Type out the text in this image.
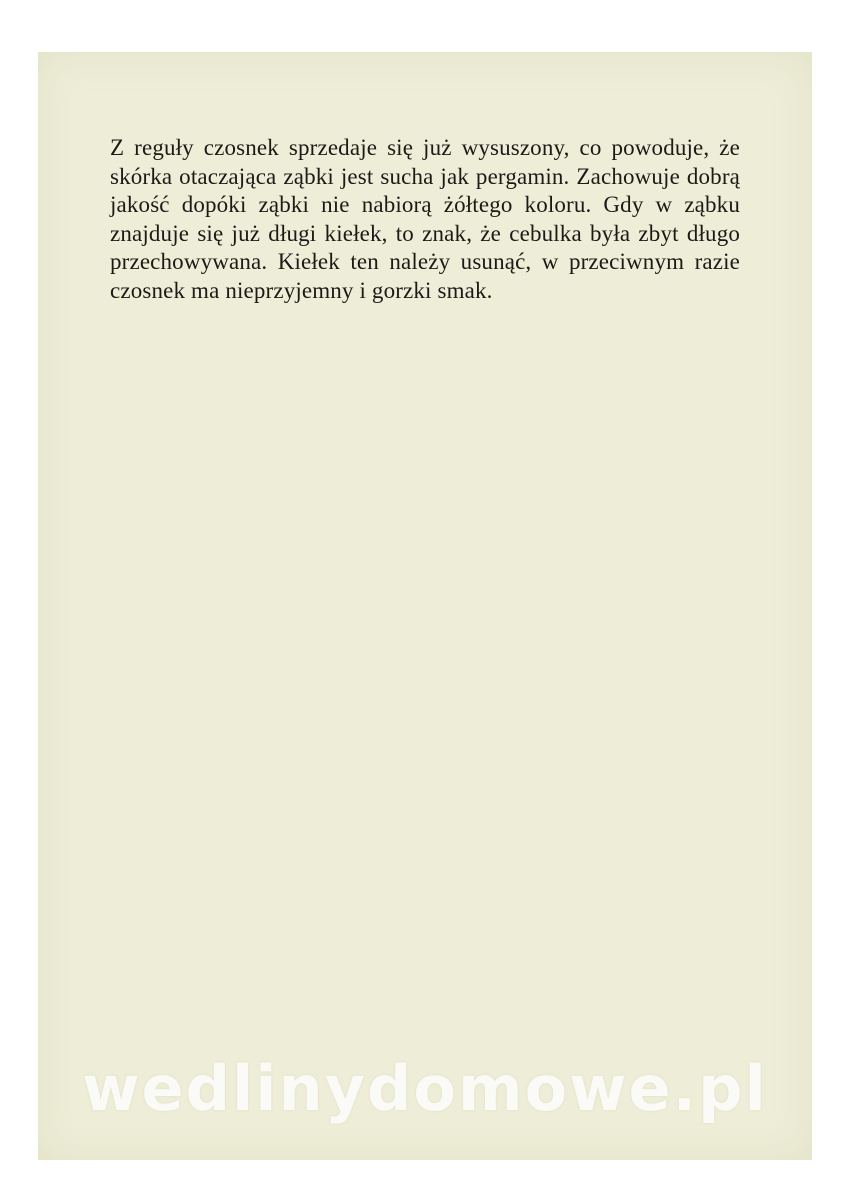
Z reguły czosnek sprzedaje się już wysuszony, co powoduje, że skórka otaczająca ząbki jest sucha jak pergamin. Zachowuje dobrą jakość dopóki ząbki nie nabiorą żółtego koloru. Gdy w ząbku znajduje się już długi kiełek, to znak, że cebulka była zbyt długo przechowywana. Kiełek ten należy usunąć, w przeciwnym razie czosnek ma nieprzyjemny i gorzki smak.

wedlinydomowe.pl
